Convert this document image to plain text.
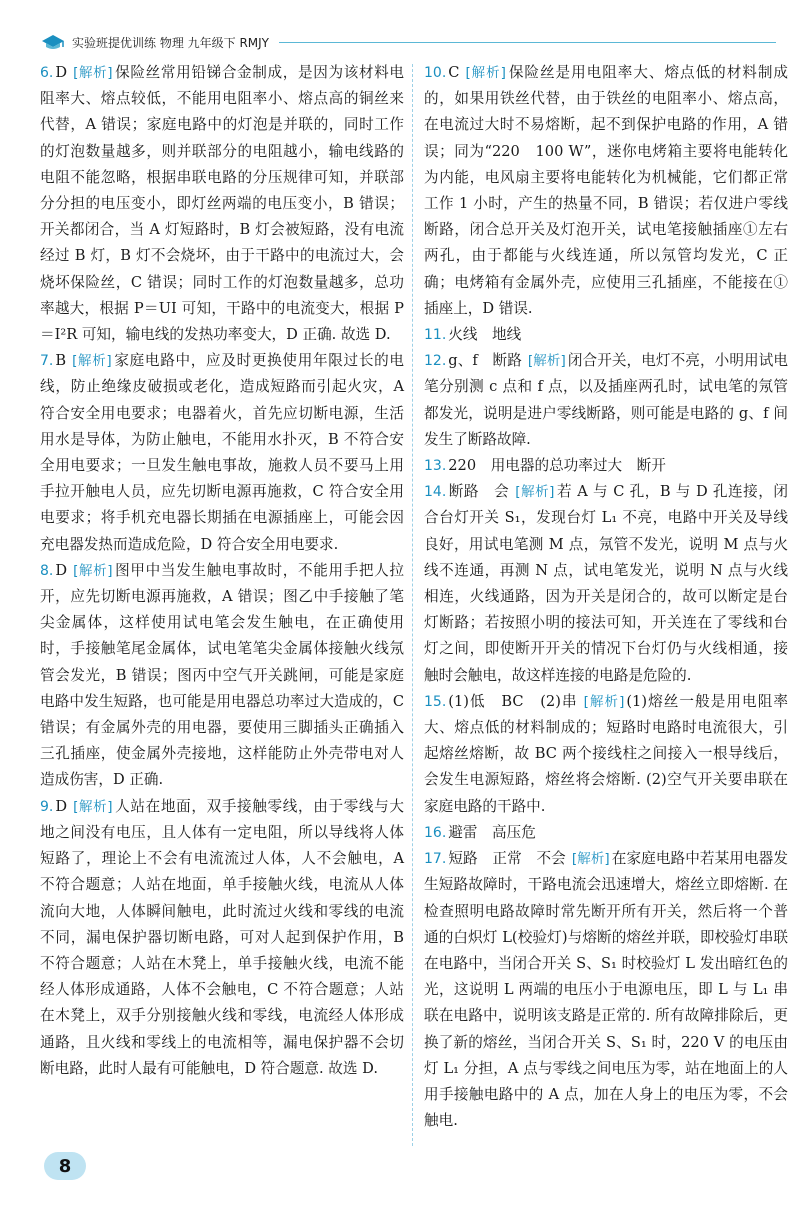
实验班提优训练 物理 九年级下 RMJY

6. D [解析] 保险丝常用铅锑合金制成，是因为该材料电阻率大、熔点较低，不能用电阻率小、熔点高的铜丝来代替，A 错误；家庭电路中的灯泡是并联的，同时工作的灯泡数量越多，则并联部分的电阻越小，输电线路的电阻不能忽略，根据串联电路的分压规律可知，并联部分分担的电压变小，即灯丝两端的电压变小，B 错误；开关都闭合，当 A 灯短路时，B 灯会被短路，没有电流经过 B 灯，B 灯不会烧坏，由于干路中的电流过大，会烧坏保险丝，C 错误；同时工作的灯泡数量越多，总功率越大，根据 P＝UI 可知，干路中的电流变大，根据 P＝I²R 可知，输电线的发热功率变大，D 正确. 故选 D.

7. B [解析] 家庭电路中，应及时更换使用年限过长的电线，防止绝缘皮破损或老化，造成短路而引起火灾，A 符合安全用电要求；电器着火，首先应切断电源，生活用水是导体，为防止触电，不能用水扑灭，B 不符合安全用电要求；一旦发生触电事故，施救人员不要马上用手拉开触电人员，应先切断电源再施救，C 符合安全用电要求；将手机充电器长期插在电源插座上，可能会因充电器发热而造成危险，D 符合安全用电要求.

8. D [解析] 图甲中当发生触电事故时，不能用手把人拉开，应先切断电源再施救，A 错误；图乙中手接触了笔尖金属体，这样使用试电笔会发生触电，在正确使用时，手接触笔尾金属体，试电笔笔尖金属体接触火线氖管会发光，B 错误；图丙中空气开关跳闸，可能是家庭电路中发生短路，也可能是用电器总功率过大造成的，C 错误；有金属外壳的用电器，要使用三脚插头正确插入三孔插座，使金属外壳接地，这样能防止外壳带电对人造成伤害，D 正确.

9. D [解析] 人站在地面，双手接触零线，由于零线与大地之间没有电压，且人体有一定电阻，所以导线将人体短路了，理论上不会有电流流过人体，人不会触电，A 不符合题意；人站在地面，单手接触火线，电流从人体流向大地，人体瞬间触电，此时流过火线和零线的电流不同，漏电保护器切断电路，可对人起到保护作用，B 不符合题意；人站在木凳上，单手接触火线，电流不能经人体形成通路，人体不会触电，C 不符合题意；人站在木凳上，双手分别接触火线和零线，电流经人体形成通路，且火线和零线上的电流相等，漏电保护器不会切断电路，此时人最有可能触电，D 符合题意. 故选 D.

10. C [解析] 保险丝是用电阻率大、熔点低的材料制成的，如果用铁丝代替，由于铁丝的电阻率小、熔点高，在电流过大时不易熔断，起不到保护电路的作用，A 错误；同为“220　100 W”，迷你电烤箱主要将电能转化为内能，电风扇主要将电能转化为机械能，它们都正常工作 1 小时，产生的热量不同，B 错误；若仅进户零线断路，闭合总开关及灯泡开关，试电笔接触插座①左右两孔，由于都能与火线连通，所以氖管均发光，C 正确；电烤箱有金属外壳，应使用三孔插座，不能接在①插座上，D 错误.

11. 火线　地线

12. g、f　断路 [解析] 闭合开关，电灯不亮，小明用试电笔分别测 c 点和 f 点，以及插座两孔时，试电笔的氖管都发光，说明是进户零线断路，则可能是电路的 g、f 间发生了断路故障.

13. 220　用电器的总功率过大　断开

14. 断路　会 [解析] 若 A 与 C 孔，B 与 D 孔连接，闭合台灯开关 S₁，发现台灯 L₁ 不亮，电路中开关及导线良好，用试电笔测 M 点，氖管不发光，说明 M 点与火线不连通，再测 N 点，试电笔发光，说明 N 点与火线相连，火线通路，因为开关是闭合的，故可以断定是台灯断路；若按照小明的接法可知，开关连在了零线和台灯之间，即使断开开关的情况下台灯仍与火线相通，接触时会触电，故这样连接的电路是危险的.

15. (1)低　BC　(2)串 [解析] (1)熔丝一般是用电阻率大、熔点低的材料制成的；短路时电路时电流很大，引起熔丝熔断，故 BC 两个接线柱之间接入一根导线后，会发生电源短路，熔丝将会熔断. (2)空气开关要串联在家庭电路的干路中.

16. 避雷　高压危

17. 短路　正常　不会 [解析] 在家庭电路中若某用电器发生短路故障时，干路电流会迅速增大，熔丝立即熔断. 在检查照明电路故障时常先断开所有开关，然后将一个普通的白炽灯 L(校验灯)与熔断的熔丝并联，即校验灯串联在电路中，当闭合开关 S、S₁ 时校验灯 L 发出暗红色的光，这说明 L 两端的电压小于电源电压，即 L 与 L₁ 串联在电路中，说明该支路是正常的. 所有故障排除后，更换了新的熔丝，当闭合开关 S、S₁ 时，220 V 的电压由灯 L₁ 分担，A 点与零线之间电压为零，站在地面上的人用手接触电路中的 A 点，加在人身上的电压为零，不会触电.

8
